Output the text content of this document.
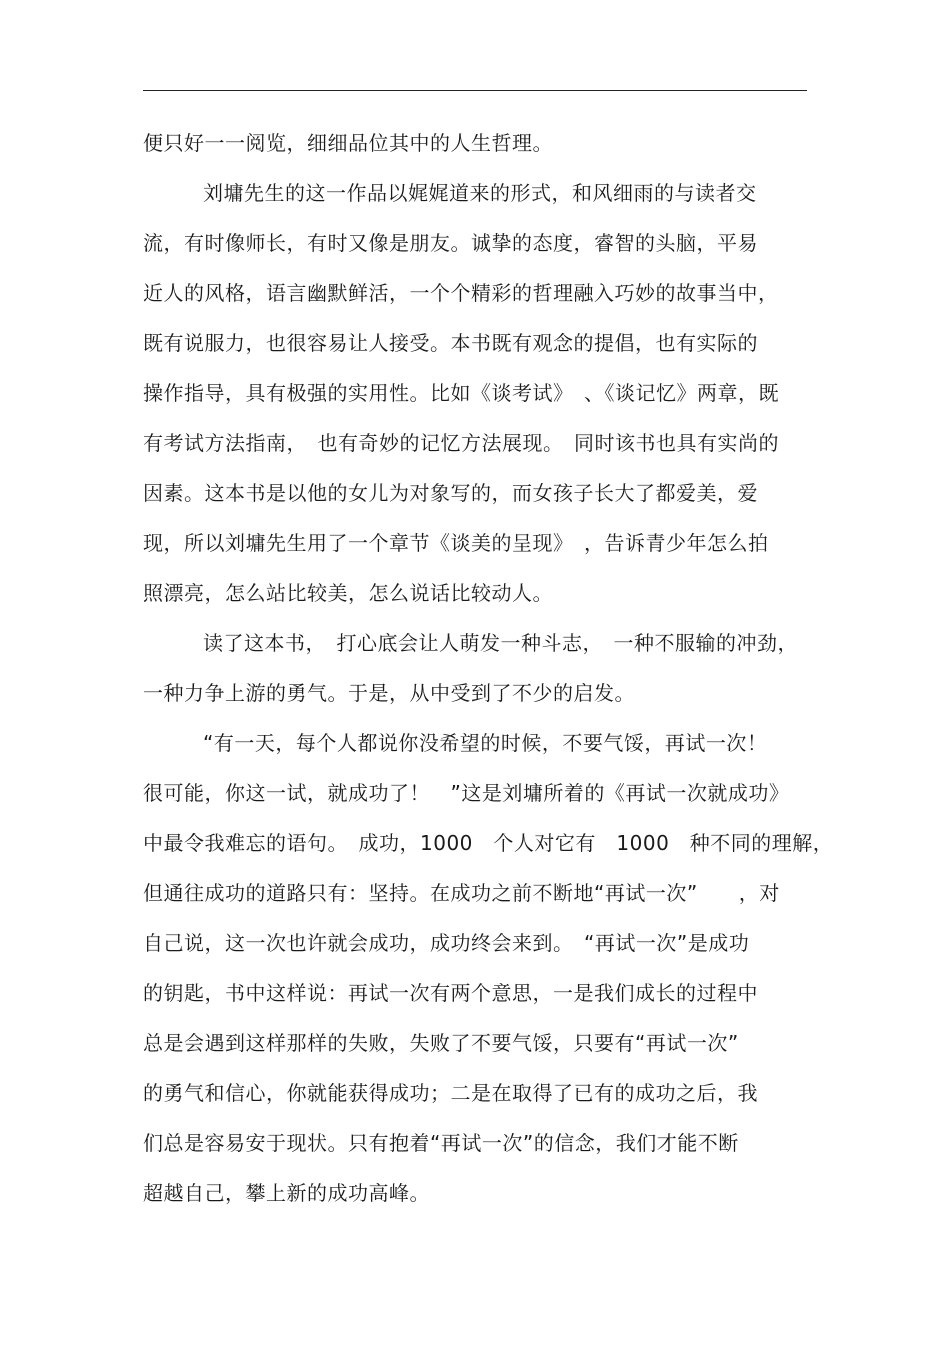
便只好一一阅览，细细品位其中的人生哲理。
刘墉先生的这一作品以娓娓道来的形式，和风细雨的与读者交
流，有时像师长，有时又像是朋友。诚挚的态度，睿智的头脑，平易
近人的风格，语言幽默鲜活，一个个精彩的哲理融入巧妙的故事当中，
既有说服力，也很容易让人接受。本书既有观念的提倡，也有实际的
操作指导，具有极强的实用性。比如《谈考试》　、《谈记忆》两章，既
有考试方法指南，　也有奇妙的记忆方法展现。　同时该书也具有实尚的
因素。这本书是以他的女儿为对象写的，而女孩子长大了都爱美，爱
现，所以刘墉先生用了一个章节《谈美的呈现》　，告诉青少年怎么拍
照漂亮，怎么站比较美，怎么说话比较动人。
读了这本书，　打心底会让人萌发一种斗志，　一种不服输的冲劲，
一种力争上游的勇气。于是，从中受到了不少的启发。
“有一天，每个人都说你没希望的时候，不要气馁，再试一次！
很可能，你这一试，就成功了！　”这是刘墉所着的《再试一次就成功》
中最令我难忘的语句。　成功，1000　个人对它有　1000　种不同的理解，
但通往成功的道路只有：坚持。在成功之前不断地“再试一次”　　，对
自己说，这一次也许就会成功，成功终会来到。　“再试一次”是成功
的钥匙，书中这样说：再试一次有两个意思，一是我们成长的过程中
总是会遇到这样那样的失败，失败了不要气馁，只要有“再试一次”
的勇气和信心，你就能获得成功；二是在取得了已有的成功之后，我
们总是容易安于现状。只有抱着“再试一次”的信念，我们才能不断
超越自己，攀上新的成功高峰。
